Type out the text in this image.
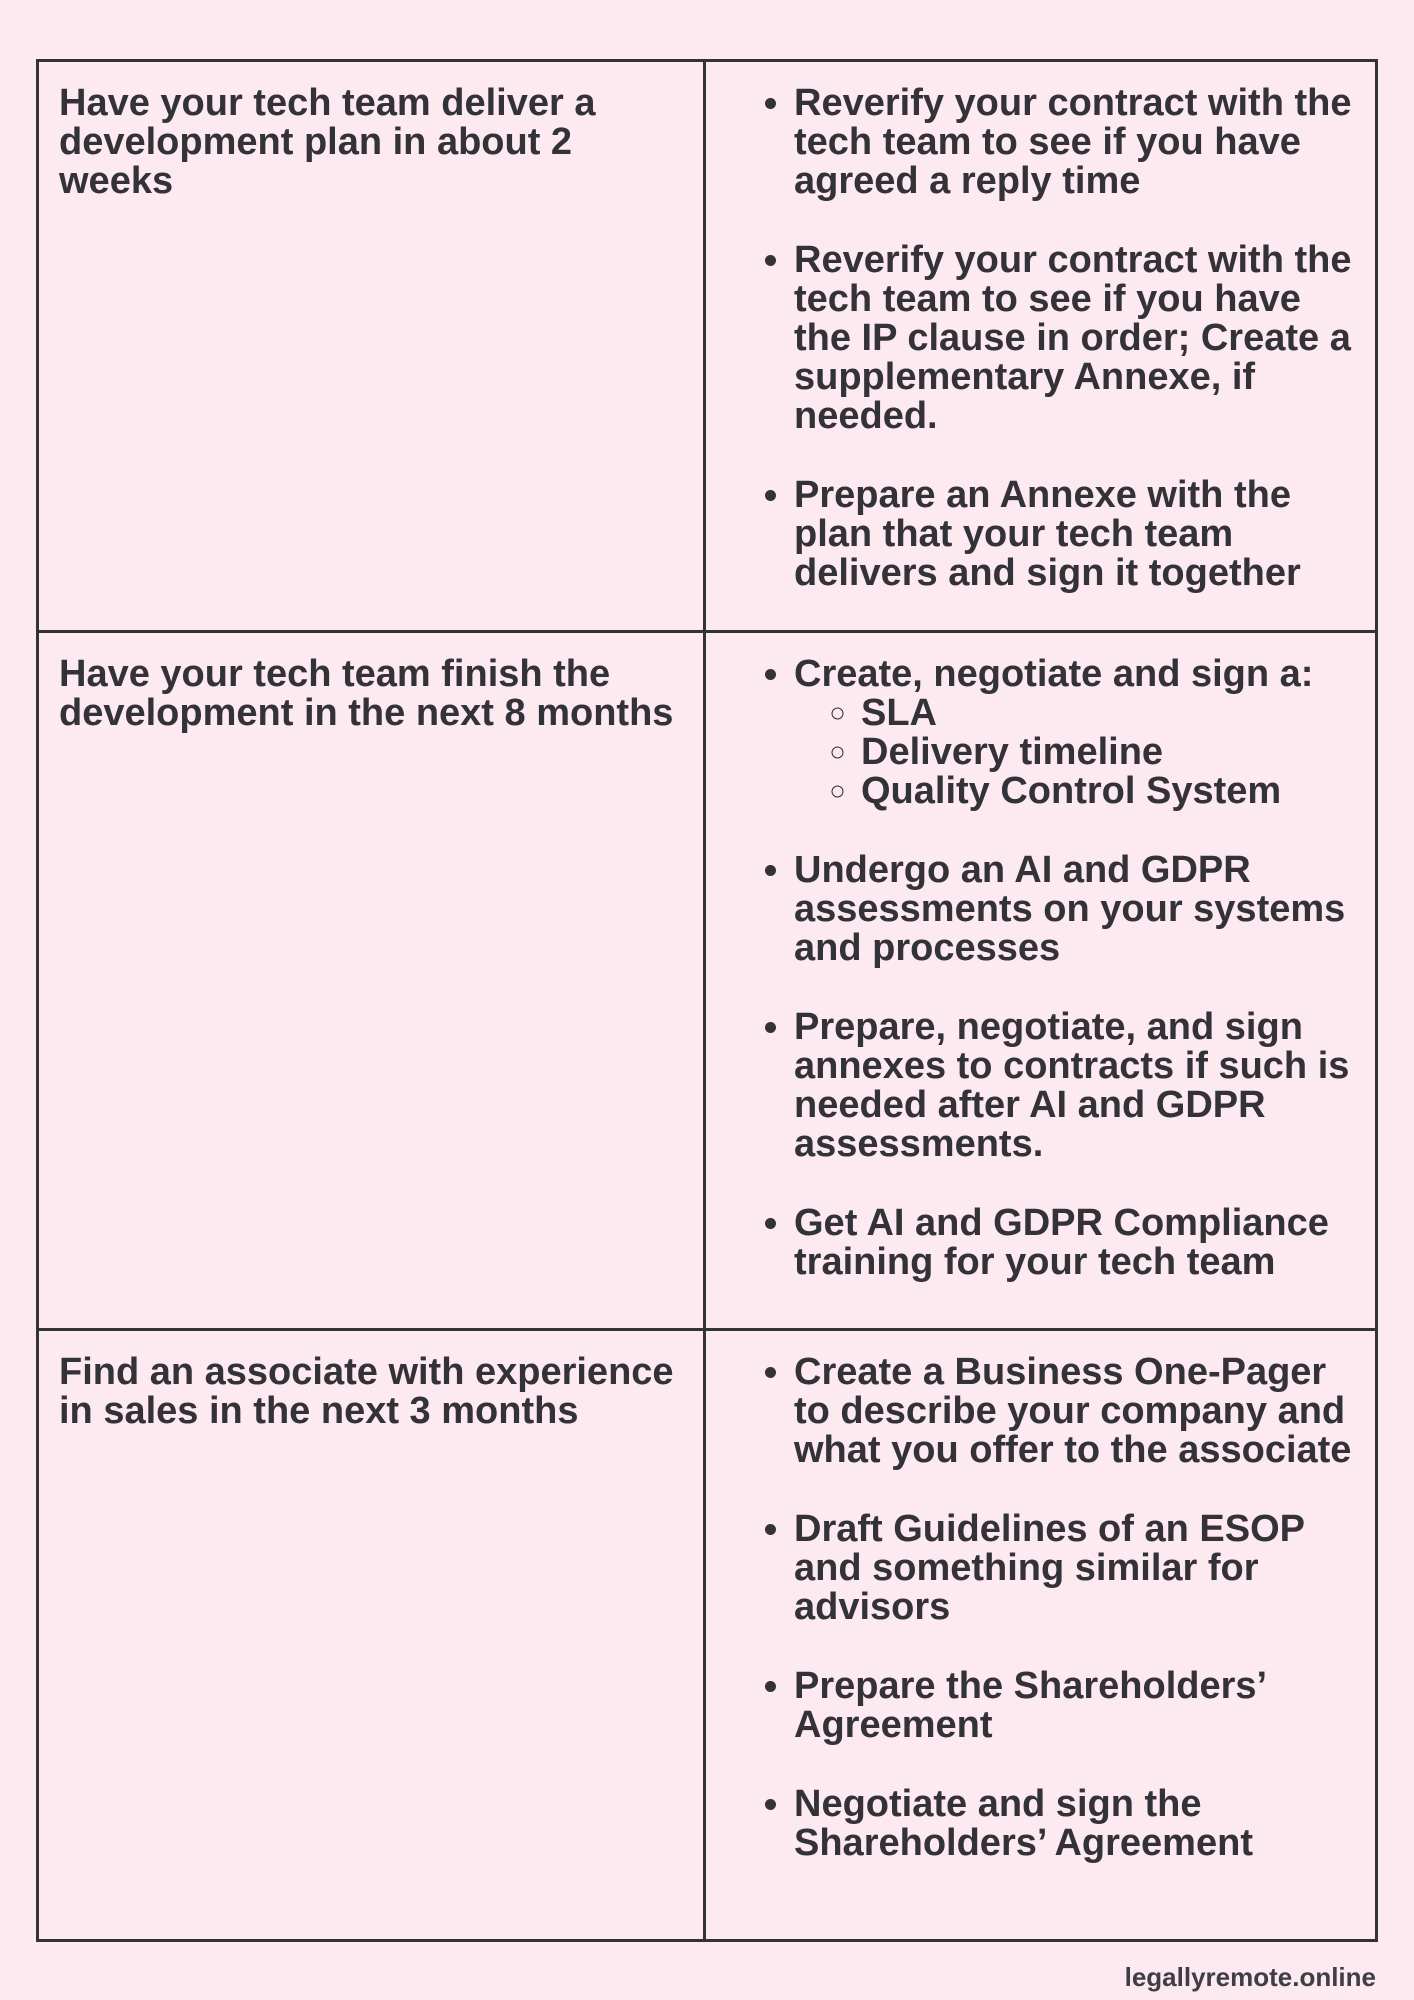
Have your tech team deliver a development plan in about 2 weeks

• Reverify your contract with the tech team to see if you have agreed a reply time
• Reverify your contract with the tech team to see if you have the IP clause in order; Create a supplementary Annexe, if needed.
• Prepare an Annexe with the plan that your tech team delivers and sign it together

Have your tech team finish the development in the next 8 months

• Create, negotiate and sign a:
◦ SLA
◦ Delivery timeline
◦ Quality Control System
• Undergo an AI and GDPR assessments on your systems and processes
• Prepare, negotiate, and sign annexes to contracts if such is needed after AI and GDPR assessments.
• Get AI and GDPR Compliance training for your tech team

Find an associate with experience in sales in the next 3 months

• Create a Business One-Pager to describe your company and what you offer to the associate
• Draft Guidelines of an ESOP and something similar for advisors
• Prepare the Shareholders’ Agreement
• Negotiate and sign the Shareholders’ Agreement
legallyremote.online
